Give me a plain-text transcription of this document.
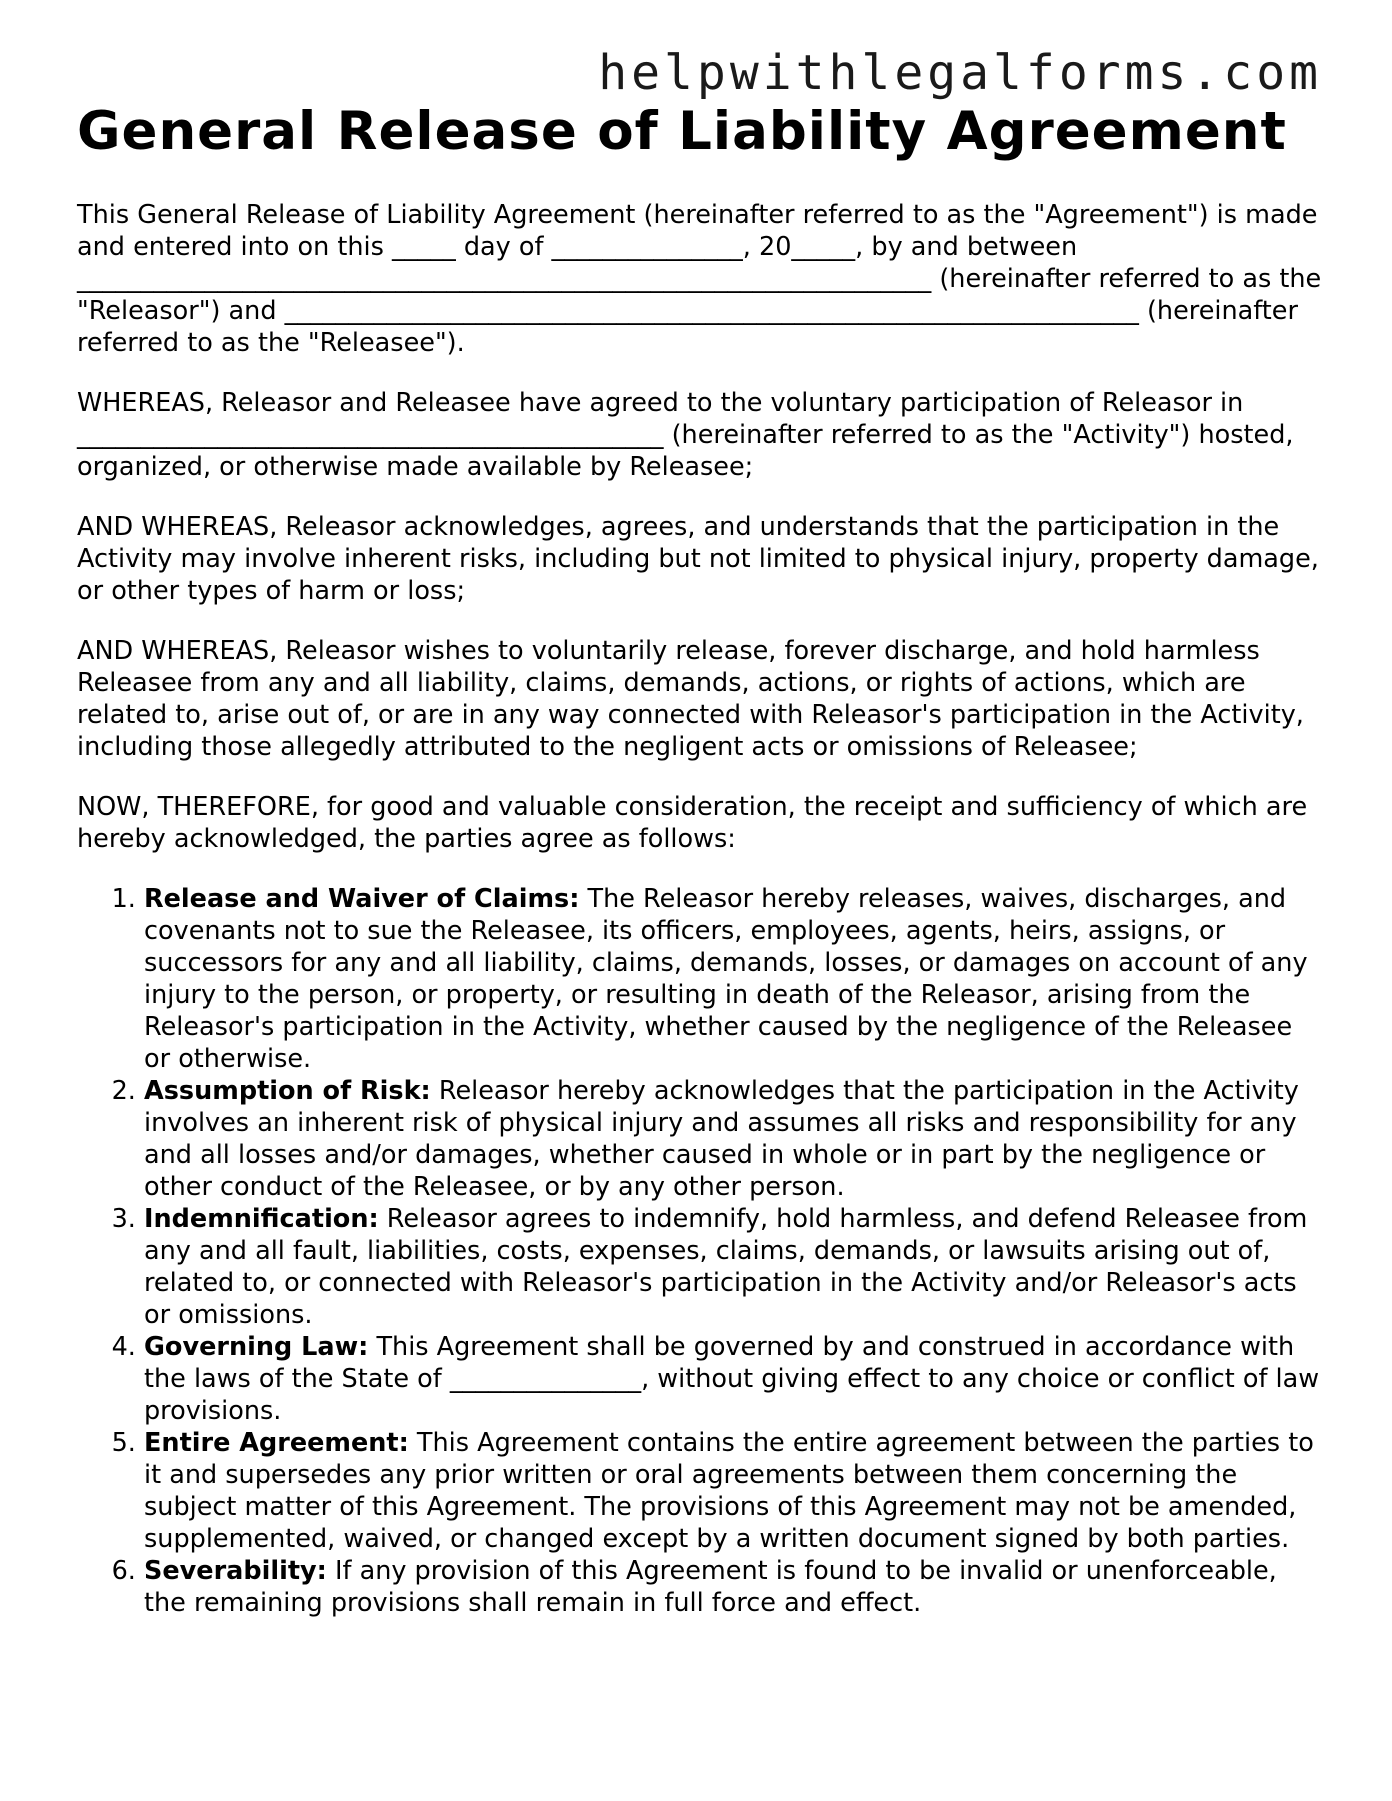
helpwithlegalforms.com
General Release of Liability Agreement

This General Release of Liability Agreement (hereinafter referred to as the "Agreement") is made and entered into on this _____ day of _______________, 20_____, by and between ___________________________________________________________________ (hereinafter referred to as the "Releasor") and ___________________________________________________________________ (hereinafter referred to as the "Releasee").

WHEREAS, Releasor and Releasee have agreed to the voluntary participation of Releasor in ______________________________________________ (hereinafter referred to as the "Activity") hosted, organized, or otherwise made available by Releasee;

AND WHEREAS, Releasor acknowledges, agrees, and understands that the participation in the Activity may involve inherent risks, including but not limited to physical injury, property damage, or other types of harm or loss;

AND WHEREAS, Releasor wishes to voluntarily release, forever discharge, and hold harmless Releasee from any and all liability, claims, demands, actions, or rights of actions, which are related to, arise out of, or are in any way connected with Releasor's participation in the Activity, including those allegedly attributed to the negligent acts or omissions of Releasee;

NOW, THEREFORE, for good and valuable consideration, the receipt and sufficiency of which are hereby acknowledged, the parties agree as follows:

1. Release and Waiver of Claims: The Releasor hereby releases, waives, discharges, and covenants not to sue the Releasee, its officers, employees, agents, heirs, assigns, or successors for any and all liability, claims, demands, losses, or damages on account of any injury to the person, or property, or resulting in death of the Releasor, arising from the Releasor's participation in the Activity, whether caused by the negligence of the Releasee or otherwise.
2. Assumption of Risk: Releasor hereby acknowledges that the participation in the Activity involves an inherent risk of physical injury and assumes all risks and responsibility for any and all losses and/or damages, whether caused in whole or in part by the negligence or other conduct of the Releasee, or by any other person.
3. Indemnification: Releasor agrees to indemnify, hold harmless, and defend Releasee from any and all fault, liabilities, costs, expenses, claims, demands, or lawsuits arising out of, related to, or connected with Releasor's participation in the Activity and/or Releasor's acts or omissions.
4. Governing Law: This Agreement shall be governed by and construed in accordance with the laws of the State of _______________, without giving effect to any choice or conflict of law provisions.
5. Entire Agreement: This Agreement contains the entire agreement between the parties to it and supersedes any prior written or oral agreements between them concerning the subject matter of this Agreement. The provisions of this Agreement may not be amended, supplemented, waived, or changed except by a written document signed by both parties.
6. Severability: If any provision of this Agreement is found to be invalid or unenforceable, the remaining provisions shall remain in full force and effect.
